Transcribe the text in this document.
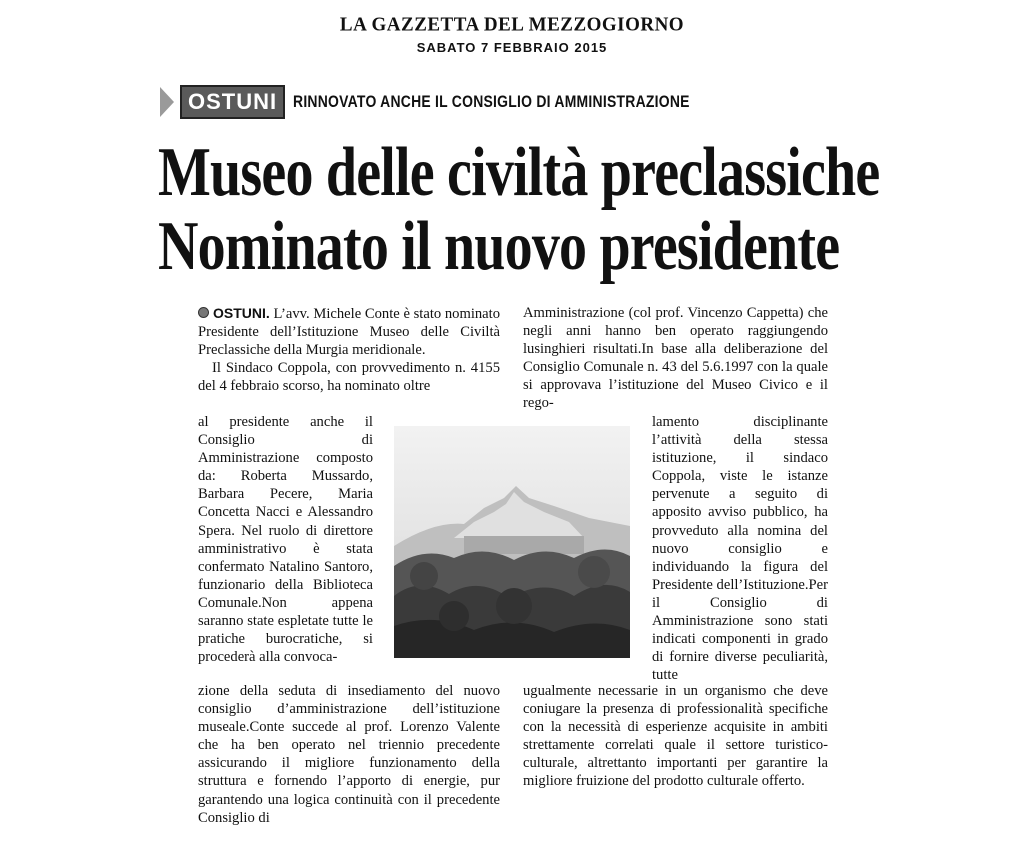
LA GAZZETTA DEL MEZZOGIORNO
SABATO 7 FEBBRAIO 2015
OSTUNI RINNOVATO ANCHE IL CONSIGLIO DI AMMINISTRAZIONE
Museo delle civiltà preclassiche
Nominato il nuovo presidente
OSTUNI. L’avv. Michele Conte è stato nominato Presidente dell’Istituzione Museo delle Civiltà Preclassiche della Murgia meridionale.
Il Sindaco Coppola, con provvedimento n. 4155 del 4 febbraio scorso, ha nominato oltre
al presidente anche il Consiglio di Amministrazione composto da: Roberta Mussardo, Barbara Pecere, Maria Concetta Nacci e Alessandro Spera. Nel ruolo di direttore amministrativo è stata confermato Natalino Santoro, funzionario della Biblioteca Comunale.Non appena saranno state espletate tutte le pratiche burocratiche, si procederà alla convoca-
zione della seduta di insediamento del nuovo consiglio d’amministrazione dell’istituzione museale.Conte succede al prof. Lorenzo Valente che ha ben operato nel triennio precedente assicurando il migliore funzionamento della struttura e fornendo l’apporto di energie, pur garantendo una logica continuità con il precedente Consiglio di
Amministrazione (col prof. Vincenzo Cappetta) che negli anni hanno ben operato raggiungendo lusinghieri risultati.In base alla deliberazione del Consiglio Comunale n. 43 del 5.6.1997 con la quale si approvava l’istituzione del Museo Civico e il rego-
lamento disciplinante l’attività della stessa istituzione, il sindaco Coppola, viste le istanze pervenute a seguito di apposito avviso pubblico, ha provveduto alla nomina del nuovo consiglio e individuando la figura del Presidente dell’Istituzione.Per il Consiglio di Amministrazione sono stati indicati componenti in grado di fornire diverse peculiarità, tutte
ugualmente necessarie in un organismo che deve coniugare la presenza di professionalità specifiche con la necessità di esperienze acquisite in ambiti strettamente correlati quale il settore turistico-culturale, altrettanto importanti per garantire la migliore fruizione del prodotto culturale offerto.
